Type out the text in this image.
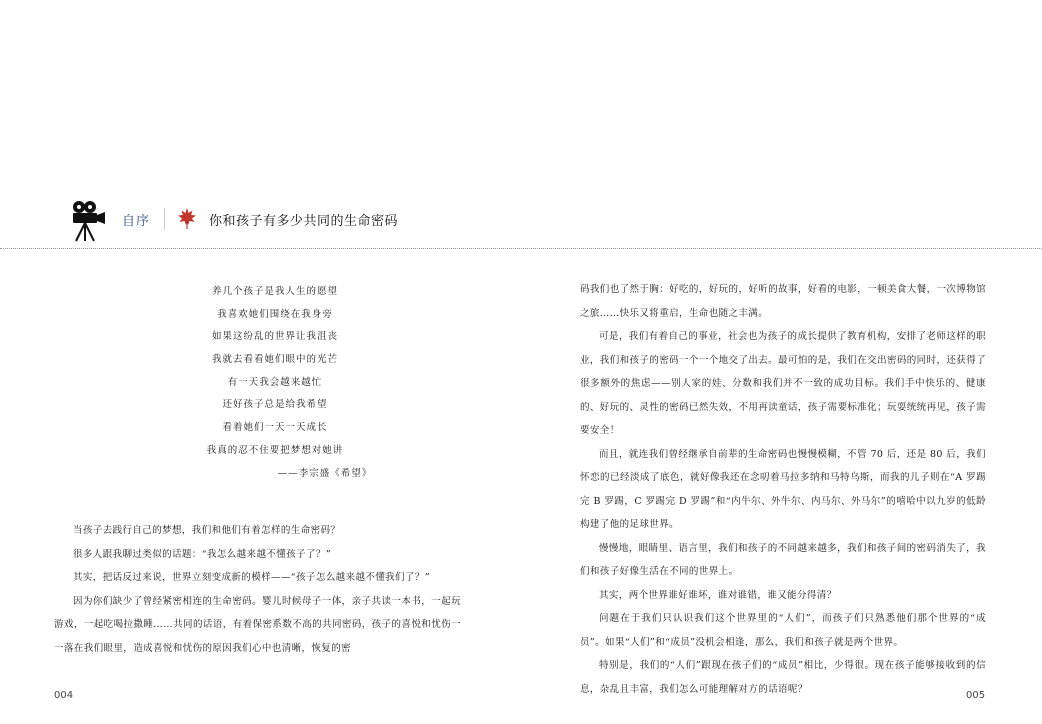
自序	你和孩子有多少共同的生命密码
养几个孩子是我人生的愿望
我喜欢她们围绕在我身旁
如果这纷乱的世界让我沮丧
我就去看看她们眼中的光芒
有一天我会越来越忙
还好孩子总是给我希望
看着她们一天一天成长
我真的忍不住要把梦想对她讲
——李宗盛《希望》

当孩子去践行自己的梦想，我们和他们有着怎样的生命密码？

很多人跟我聊过类似的话题：“我怎么越来越不懂孩子了？”

其实，把话反过来说，世界立刻变成新的模样——“孩子怎么越来越不懂我们了？”

因为你们缺少了曾经紧密相连的生命密码。婴儿时候母子一体，亲子共读一本书，一起玩游戏，一起吃喝拉撒睡……共同的话语，有着保密系数不高的共同密码，孩子的喜悦和忧伤一一落在我们眼里，造成喜悦和忧伤的原因我们心中也清晰，恢复的密

码我们也了然于胸：好吃的，好玩的，好听的故事，好看的电影，一顿美食大餐，一次博物馆之旅……快乐又将重启，生命也随之丰满。

可是，我们有着自己的事业，社会也为孩子的成长提供了教育机构，安排了老师这样的职业，我们和孩子的密码一个一个地交了出去。最可怕的是，我们在交出密码的同时，还获得了很多额外的焦虑——别人家的娃、分数和我们并不一致的成功目标。我们手中快乐的、健康的、好玩的、灵性的密码已然失效，不用再读童话，孩子需要标准化；玩耍统统再见，孩子需要安全！

而且，就连我们曾经继承自前辈的生命密码也慢慢模糊，不管 70 后，还是 80 后，我们怀恋的已经淡成了底色，就好像我还在念叨着马拉多纳和马特乌斯，而我的儿子则在“A 罗踢完 B 罗踢，C 罗踢完 D 罗踢”和“内牛尔、外牛尔、内马尔、外马尔”的嘻哈中以九岁的低龄构建了他的足球世界。

慢慢地，眼睛里、语言里，我们和孩子的不同越来越多，我们和孩子间的密码消失了，我们和孩子好像生活在不同的世界上。

其实，两个世界谁好谁坏，谁对谁错，谁又能分得清？

问题在于我们只认识我们这个世界里的“人们”，而孩子们只熟悉他们那个世界的“成员”。如果“人们”和“成员”没机会相逢，那么，我们和孩子就是两个世界。

特别是，我们的“人们”跟现在孩子们的“成员”相比，少得很。现在孩子能够接收到的信息，杂乱且丰富，我们怎么可能理解对方的话语呢？

004	005
